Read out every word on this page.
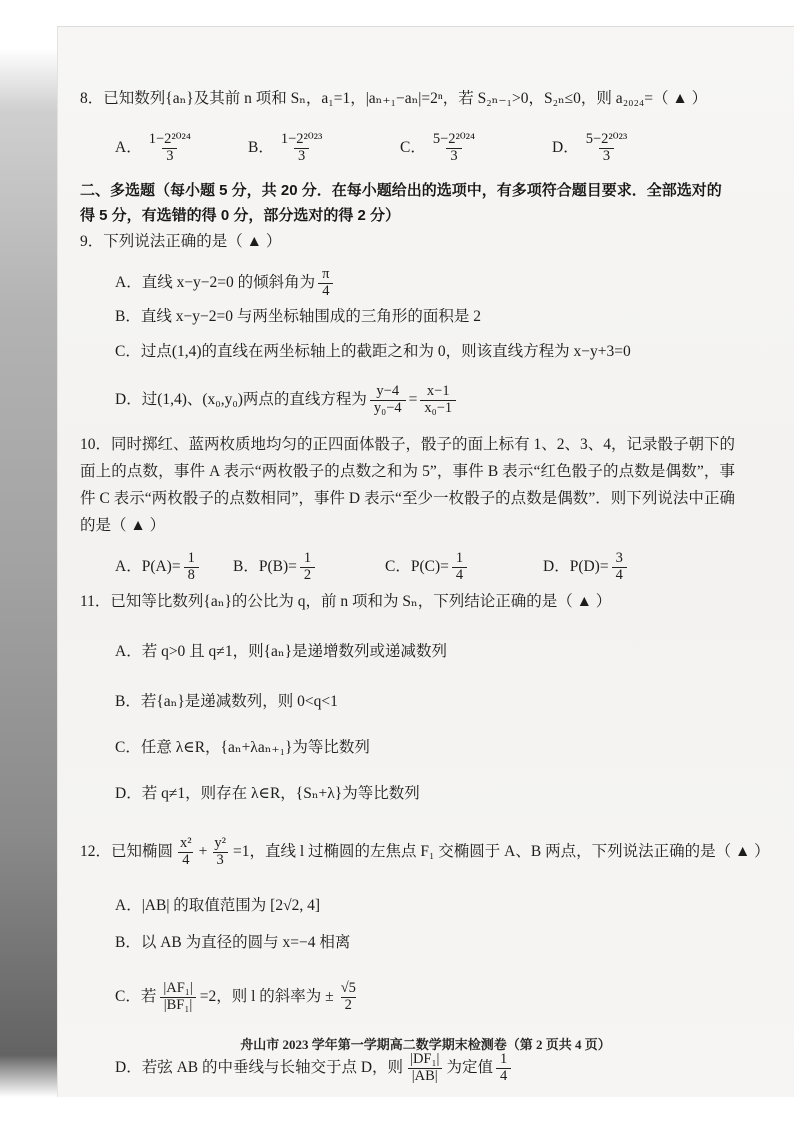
8．已知数列{aₙ}及其前 n 项和 Sₙ，a₁=1，|aₙ₊₁−aₙ|=2ⁿ，若 S₂ₙ₋₁>0，S₂ₙ≤0，则 a₂₀₂₄=（ ▲ ）
A． $\frac{\text{1−2²⁰²⁴}}{3}$	B． $\frac{\text{1−2²⁰²³}}{3}$	C． $\frac{\text{5−2²⁰²⁴}}{3}$	D． $\frac{\text{5−2²⁰²³}}{3}$
二、多选题（每小题 5 分，共 20 分．在每小题给出的选项中，有多项符合题目要求．全部选对的
得 5 分，有选错的得 0 分，部分选对的得 2 分）
9．下列说法正确的是（ ▲ ）
A．直线 x−y−2=0 的倾斜角为 $\frac{\pi}{4}$
B．直线 x−y−2=0 与两坐标轴围成的三角形的面积是 2
C．过点(1,4)的直线在两坐标轴上的截距之和为 0，则该直线方程为 x−y+3=0
D．过(1,4)、(x₀,y₀)两点的直线方程为 $\frac{y-4}{\text{y₀−4}} = \frac{x-1}{\text{x₀−1}}$
10．同时掷红、蓝两枚质地均匀的正四面体骰子，骰子的面上标有 1、2、3、4，记录骰子朝下的面上的点数，事件 A 表示“两枚骰子的点数之和为 5”，事件 B 表示“红色骰子的点数是偶数”，事件 C 表示“两枚骰子的点数相同”，事件 D 表示“至少一枚骰子的点数是偶数”．则下列说法中正确的是（ ▲ ）
A．$P(A)= \frac{1}{8}$ B．$P(B)= \frac{1}{2}$	C．$P(C)= \frac{1}{4}$	D．$P(D)= \frac{3}{4}$
11．已知等比数列{aₙ}的公比为 q，前 n 项和为 Sₙ，下列结论正确的是（ ▲ ）
A．若 q>0 且 q≠1，则{aₙ}是递增数列或递减数列
B．若{aₙ}是递减数列，则 0<q<1
C．任意 λ∈R，{aₙ+λaₙ₊₁}为等比数列
D．若 q≠1，则存在 λ∈R，{Sₙ+λ}为等比数列
12．已知椭圆 $\frac{\text{x²}}{4} + \frac{\text{y²}}{3} =1$，直线 l 过椭圆的左焦点 F₁ 交椭圆于 A、B 两点，下列说法正确的是（ ▲ ）
A．|AB| 的取值范围为 [2√2, 4]
B．以 AB 为直径的圆与 x=−4 相离
C．若 $\frac{\text{|AF₁|}}{\text{|BF₁|}} =2$，则 l 的斜率为 ± $\frac{√5}{2}$
D．若弦 AB 的中垂线与长轴交于点 D，则 $\frac{\text{|DF₁|}}{|AB|}$ 为定值 $\frac{1}{4}$
舟山市 2023 学年第一学期高二数学期末检测卷（第 2 页共 4 页）
